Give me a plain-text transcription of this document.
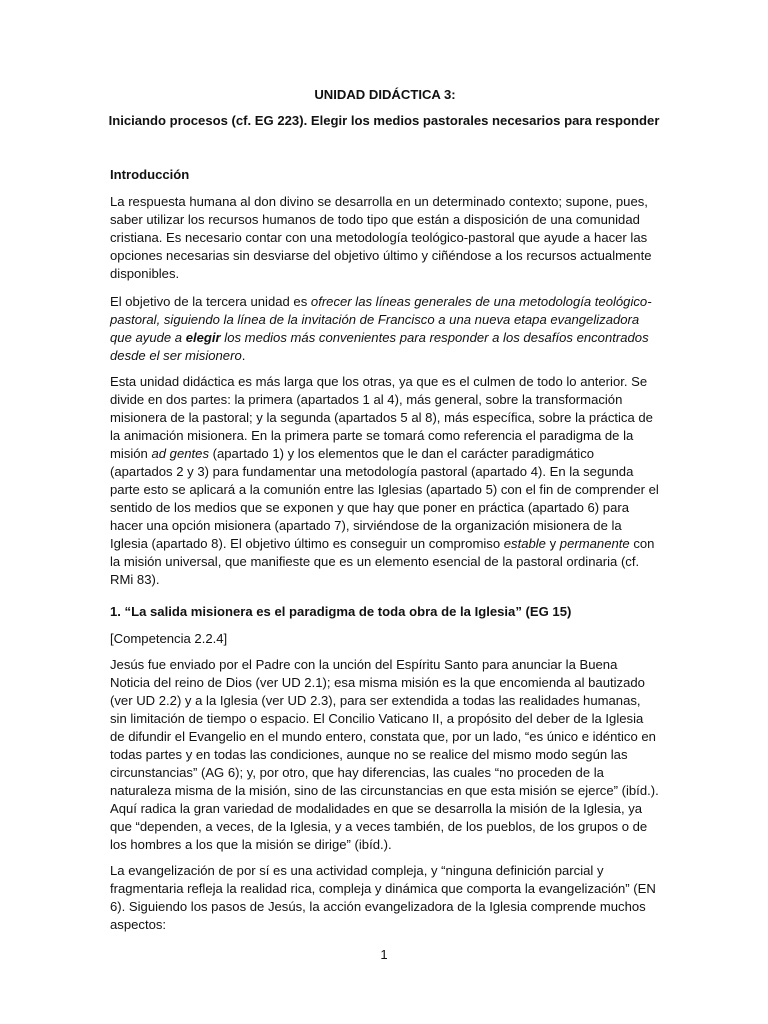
UNIDAD DIDÁCTICA 3:

Iniciando procesos (cf. EG 223). Elegir los medios pastorales necesarios para responder

Introducción

La respuesta humana al don divino se desarrolla en un determinado contexto; supone, pues, saber utilizar los recursos humanos de todo tipo que están a disposición de una comunidad cristiana. Es necesario contar con una metodología teológico-pastoral que ayude a hacer las opciones necesarias sin desviarse del objetivo último y ciñéndose a los recursos actualmente disponibles.

El objetivo de la tercera unidad es ofrecer las líneas generales de una metodología teológico-pastoral, siguiendo la línea de la invitación de Francisco a una nueva etapa evangelizadora que ayude a elegir los medios más convenientes para responder a los desafíos encontrados desde el ser misionero.

Esta unidad didáctica es más larga que los otras, ya que es el culmen de todo lo anterior. Se divide en dos partes: la primera (apartados 1 al 4), más general, sobre la transformación misionera de la pastoral; y la segunda (apartados 5 al 8), más específica, sobre la práctica de la animación misionera. En la primera parte se tomará como referencia el paradigma de la misión ad gentes (apartado 1) y los elementos que le dan el carácter paradigmático (apartados 2 y 3) para fundamentar una metodología pastoral (apartado 4). En la segunda parte esto se aplicará a la comunión entre las Iglesias (apartado 5) con el fin de comprender el sentido de los medios que se exponen y que hay que poner en práctica (apartado 6) para hacer una opción misionera (apartado 7), sirviéndose de la organización misionera de la Iglesia (apartado 8). El objetivo último es conseguir un compromiso estable y permanente con la misión universal, que manifieste que es un elemento esencial de la pastoral ordinaria (cf. RMi 83).

1. “La salida misionera es el paradigma de toda obra de la Iglesia” (EG 15)

[Competencia 2.2.4]

Jesús fue enviado por el Padre con la unción del Espíritu Santo para anunciar la Buena Noticia del reino de Dios (ver UD 2.1); esa misma misión es la que encomienda al bautizado (ver UD 2.2) y a la Iglesia (ver UD 2.3), para ser extendida a todas las realidades humanas, sin limitación de tiempo o espacio. El Concilio Vaticano II, a propósito del deber de la Iglesia de difundir el Evangelio en el mundo entero, constata que, por un lado, “es único e idéntico en todas partes y en todas las condiciones, aunque no se realice del mismo modo según las circunstancias” (AG 6); y, por otro, que hay diferencias, las cuales “no proceden de la naturaleza misma de la misión, sino de las circunstancias en que esta misión se ejerce” (ibíd.). Aquí radica la gran variedad de modalidades en que se desarrolla la misión de la Iglesia, ya que “dependen, a veces, de la Iglesia, y a veces también, de los pueblos, de los grupos o de los hombres a los que la misión se dirige” (ibíd.).

La evangelización de por sí es una actividad compleja, y “ninguna definición parcial y fragmentaria refleja la realidad rica, compleja y dinámica que comporta la evangelización” (EN 6). Siguiendo los pasos de Jesús, la acción evangelizadora de la Iglesia comprende muchos aspectos:

1
